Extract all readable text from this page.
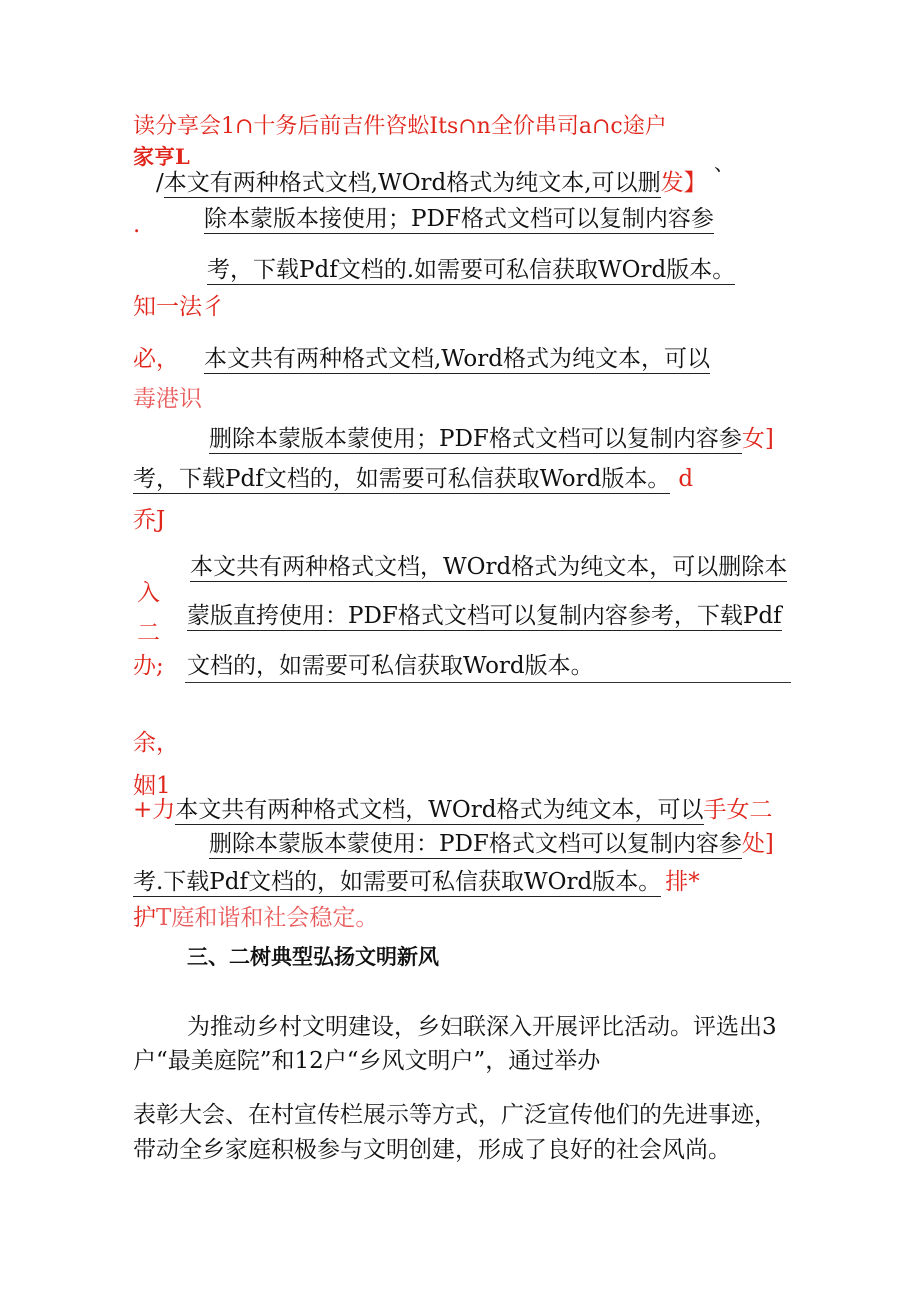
读分享会1∩十务后前吉件咨蚣Its∩n全价串司a∩c途户
家亨L	、
/本文有两种格式文档,WOrd格式为纯文本,可以删发】
.	除本蒙版本接使用；PDF格式文档可以复制内容参
考，下载Pdf文档的.如需要可私信获取WOrd版本。
知一法彳
必， 本文共有两种格式文档,Word格式为纯文本，可以
毒港识
删除本蒙版本蒙使用；PDF格式文档可以复制内容参女]
考，下载Pdf文档的，如需要可私信获取Word版本。 d
乔J
本文共有两种格式文档，WOrd格式为纯文本，可以删除本
入
蒙版直挎使用：PDF格式文档可以复制内容参考，下载Pdf
二
办; 文档的，如需要可私信获取Word版本。
余，
姻1
+力本文共有两种格式文档，WOrd格式为纯文本，可以手女二
删除本蒙版本蒙使用：PDF格式文档可以复制内容参处]
考.下载Pdf文档的，如需要可私信获取WOrd版本。 排*
护T庭和谐和社会稳定。
三、二树典型弘扬文明新风
为推动乡村文明建设，乡妇联深入开展评比活动。评选出3
户“最美庭院”和12户“乡风文明户”，通过举办
表彰大会、在村宣传栏展示等方式，广泛宣传他们的先进事迹，
带动全乡家庭积极参与文明创建，形成了良好的社会风尚。
